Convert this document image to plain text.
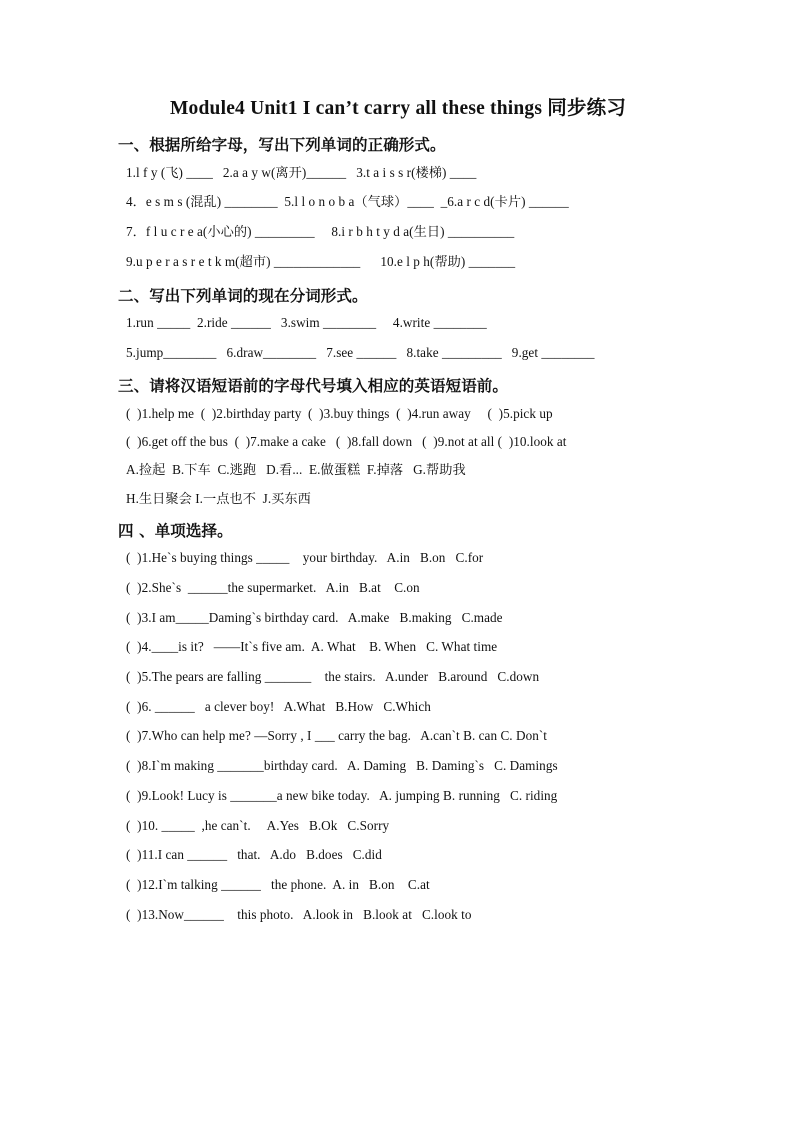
Module4 Unit1 I can’t carry all these things 同步练习
一、根据所给字母，写出下列单词的正确形式。
1.l f y (飞) ____   2.a a y w(离开)______   3.t a i s s r(楼梯) ____
4．e s m s (混乱) ________  5.l l o n o b a（气球）____  _6.a r c d(卡片) ______
7．f l u c r e a(小心的) _________     8.i r b h t y d a(生日) __________
9.u p e r a s r e t k m(超市) _____________      10.e l p h(帮助) _______
二、写出下列单词的现在分词形式。
1.run _____  2.ride ______   3.swim ________     4.write ________
5.jump________   6.draw________   7.see ______   8.take _________   9.get ________
三、请将汉语短语前的字母代号填入相应的英语短语前。
(  )1.help me  (  )2.birthday party  (  )3.buy things  (  )4.run away     (  )5.pick up
(  )6.get off the bus  (  )7.make a cake   (  )8.fall down   (  )9.not at all (  )10.look at
A.捡起  B.下车  C.逃跑   D.看...  E.做蛋糕  F.掉落   G.帮助我
H.生日聚会 I.一点也不  J.买东西
四 、单项选择。
(  )1.He`s buying things _____    your birthday.   A.in   B.on   C.for
(  )2.She`s  ______the supermarket.   A.in   B.at    C.on
(  )3.I am_____Daming`s birthday card.   A.make   B.making   C.made
(  )4.____is it?   ——It`s five am.  A. What    B. When   C. What time
(  )5.The pears are falling _______    the stairs.   A.under   B.around   C.down
(  )6. ______   a clever boy!   A.What   B.How   C.Which
(  )7.Who can help me? —Sorry , I ___ carry the bag.   A.can`t B. can C. Don`t
(  )8.I`m making _______birthday card.   A. Daming   B. Daming`s   C. Damings
(  )9.Look! Lucy is _______a new bike today.   A. jumping B. running   C. riding
(  )10. _____  ,he can`t.     A.Yes   B.Ok   C.Sorry
(  )11.I can ______   that.   A.do   B.does   C.did
(  )12.I`m talking ______   the phone.  A. in   B.on    C.at
(  )13.Now______    this photo.   A.look in   B.look at   C.look to
